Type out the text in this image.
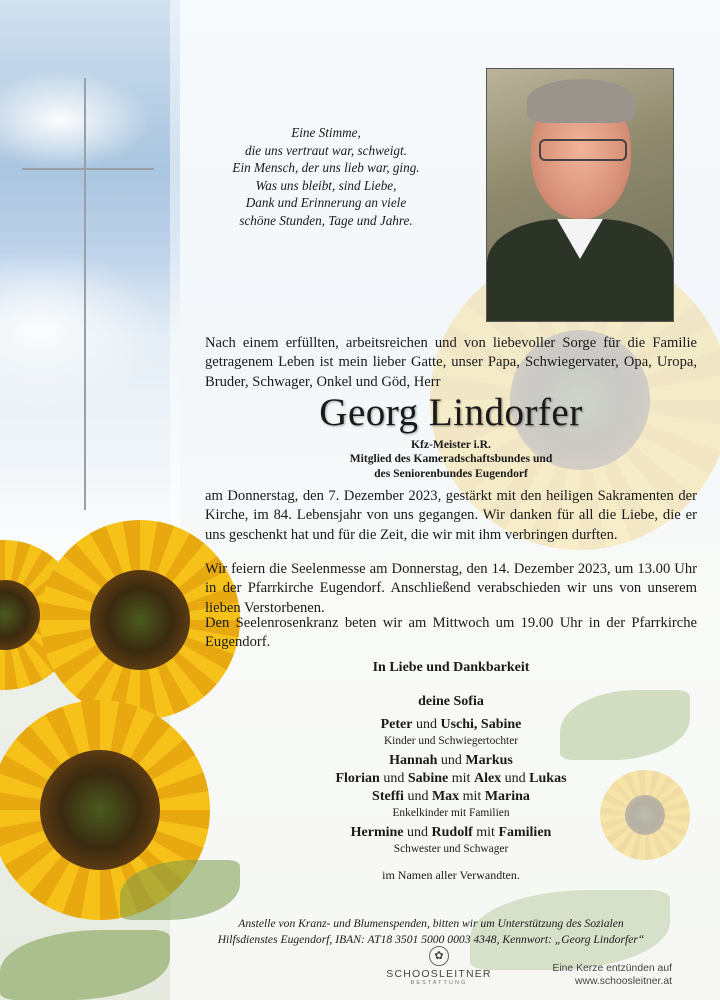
Eine Stimme,
die uns vertraut war, schweigt.
Ein Mensch, der uns lieb war, ging.
Was uns bleibt, sind Liebe,
Dank und Erinnerung an viele
schöne Stunden, Tage und Jahre.
Nach einem erfüllten, arbeitsreichen und von liebevoller Sorge für die Familie getragenem Leben ist mein lieber Gatte, unser Papa, Schwiegervater, Opa, Uropa, Bruder, Schwager, Onkel und Göd, Herr
Georg Lindorfer
Kfz-Meister i.R.
Mitglied des Kameradschaftsbundes und
des Seniorenbundes Eugendorf

am Donnerstag, den 7. Dezember 2023, gestärkt mit den heiligen Sakramenten der Kirche, im 84. Lebensjahr von uns gegangen. Wir danken für all die Liebe, die er uns geschenkt hat und für die Zeit, die wir mit ihm verbringen durften.

Wir feiern die Seelenmesse am Donnerstag, den 14. Dezember 2023, um 13.00 Uhr in der Pfarrkirche Eugendorf. Anschließend verabschieden wir uns von unserem lieben Verstorbenen.

Den Seelenrosenkranz beten wir am Mittwoch um 19.00 Uhr in der Pfarrkirche Eugendorf.

In Liebe und Dankbarkeit
deine Sofia
Peter und Uschi, Sabine
Kinder und Schwiegertochter
Hannah und Markus
Florian und Sabine mit Alex und Lukas
Steffi und Max mit Marina
Enkelkinder mit Familien
Hermine und Rudolf mit Familien
Schwester und Schwager
im Namen aller Verwandten.
Anstelle von Kranz- und Blumenspenden, bitten wir um Unterstützung des Sozialen
Hilfsdienstes Eugendorf, IBAN: AT18 3501 5000 0003 4348, Kennwort: „Georg Lindorfer“
✿
SCHOOSLEITNER
BESTATTUNG
Eine Kerze entzünden auf
www.schoosleitner.at
